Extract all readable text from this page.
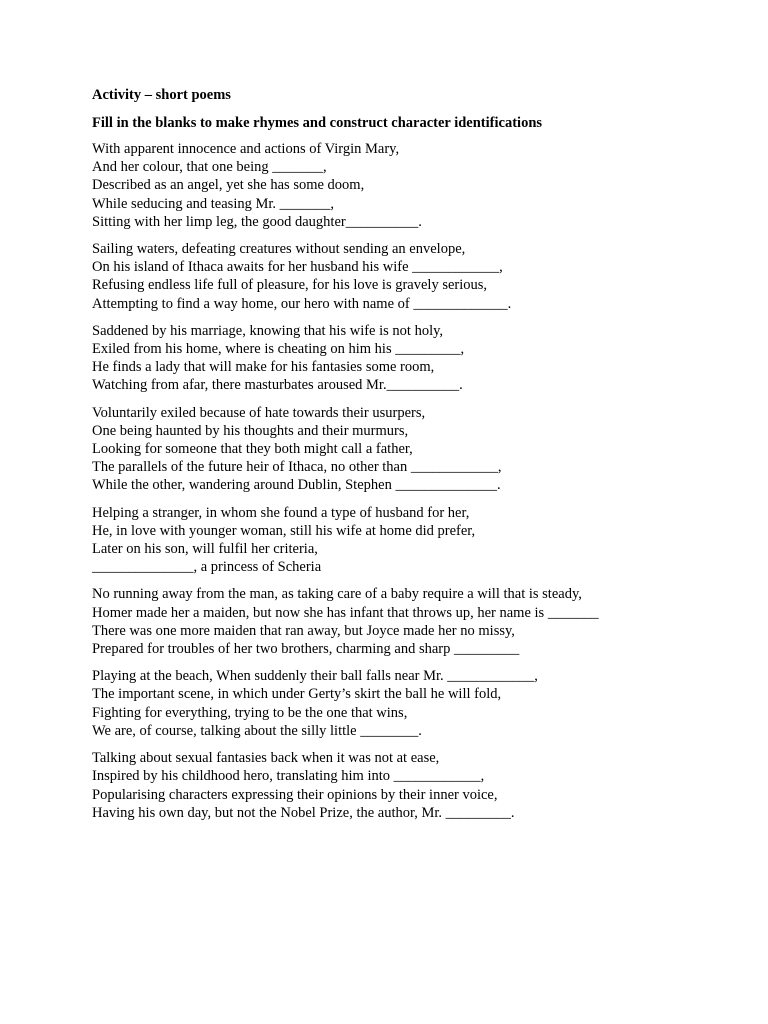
Activity – short poems

Fill in the blanks to make rhymes and construct character identifications

With apparent innocence and actions of Virgin Mary,
And her colour, that one being _______,
Described as an angel, yet she has some doom,
While seducing and teasing Mr. _______,
Sitting with her limp leg, the good daughter__________.
Sailing waters, defeating creatures without sending an envelope,
On his island of Ithaca awaits for her husband his wife ____________,
Refusing endless life full of pleasure, for his love is gravely serious,
Attempting to find a way home, our hero with name of _____________.
Saddened by his marriage, knowing that his wife is not holy,
Exiled from his home, where is cheating on him his _________,
He finds a lady that will make for his fantasies some room,
Watching from afar, there masturbates aroused Mr.__________.
Voluntarily exiled because of hate towards their usurpers,
One being haunted by his thoughts and their murmurs,
Looking for someone that they both might call a father,
The parallels of the future heir of Ithaca, no other than ____________,
While the other, wandering around Dublin, Stephen ______________.
Helping a stranger, in whom she found a type of husband for her,
He, in love with younger woman, still his wife at home did prefer,
Later on his son, will fulfil her criteria,
______________, a princess of Scheria
No running away from the man, as taking care of a baby require a will that is steady,
Homer made her a maiden, but now she has infant that throws up, her name is _______
There was one more maiden that ran away, but Joyce made her no missy,
Prepared for troubles of her two brothers, charming and sharp _________
Playing at the beach, When suddenly their ball falls near Mr. ____________,
The important scene, in which under Gerty’s skirt the ball he will fold,
Fighting for everything, trying to be the one that wins,
We are, of course, talking about the silly little ________.
Talking about sexual fantasies back when it was not at ease,
Inspired by his childhood hero, translating him into ____________,
Popularising characters expressing their opinions by their inner voice,
Having his own day, but not the Nobel Prize, the author, Mr. _________.
